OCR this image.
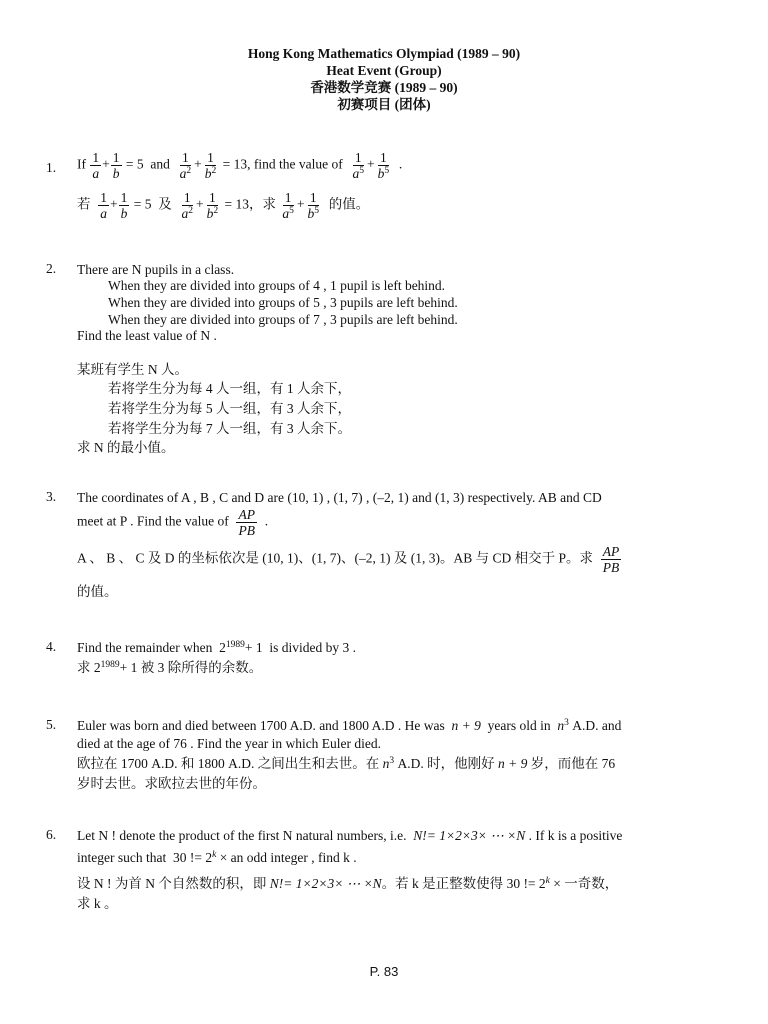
Hong Kong Mathematics Olympiad (1989 – 90)
Heat Event (Group)
香港数学竞赛 (1989 – 90)
初赛项目 (团体)
1.	If $\frac{1}{a} + \frac{1}{b} = 5$ and $\frac{1}{a^2} + \frac{1}{b^2} = 13$, find the value of $\frac{1}{a^5} + \frac{1}{b^5}$ .
若 $\frac{1}{a} + \frac{1}{b} = 5$ 及 $\frac{1}{a^2} + \frac{1}{b^2} = 13$，求 $\frac{1}{a^5} + \frac{1}{b^5}$ 的值。
2.	There are N pupils in a class.
When they are divided into groups of 4 , 1 pupil is left behind.
When they are divided into groups of 5 , 3 pupils are left behind.
When they are divided into groups of 7 , 3 pupils are left behind.
Find the least value of N .
某班有学生 N 人。
若将学生分为每 4 人一组，有 1 人余下，
若将学生分为每 5 人一组，有 3 人余下，
若将学生分为每 7 人一组，有 3 人余下。
求 N 的最小值。
3.	The coordinates of A , B , C and D are (10, 1) , (1, 7) , (–2, 1) and (1, 3) respectively. AB and CD
meet at P . Find the value of $\frac{AP}{PB}$ .
A 、 B 、 C 及 D 的坐标依次是 (10, 1)、(1, 7)、(–2, 1) 及 (1, 3)。AB 与 CD 相交于 P。求 $\frac{AP}{PB}$
的值。
4.	Find the remainder when $2^{1989}+ 1$ is divided by 3 .
求 $2^{1989}+ 1$ 被 3 除所得的余数。
5.	Euler was born and died between 1700 A.D. and 1800 A.D . He was n + 9 years old in $n^3$ A.D. and
died at the age of 76 . Find the year in which Euler died.
欧拉在 1700 A.D. 和 1800 A.D. 之间出生和去世。在 $n^3$ A.D. 时，他刚好 n + 9 岁，而他在 76
岁时去世。求欧拉去世的年份。
6.	Let N ! denote the product of the first N natural numbers, i.e. N!= 1×2×3× ⋯ ×N . If k is a positive
integer such that 30 != $2^k$ × an odd integer , find k .
设 N ! 为首 N 个自然数的积，即 N!= 1×2×3× ⋯ ×N。若 k 是正整数使得 30 != $2^k$ × 一奇数，
求 k 。
P. 83
